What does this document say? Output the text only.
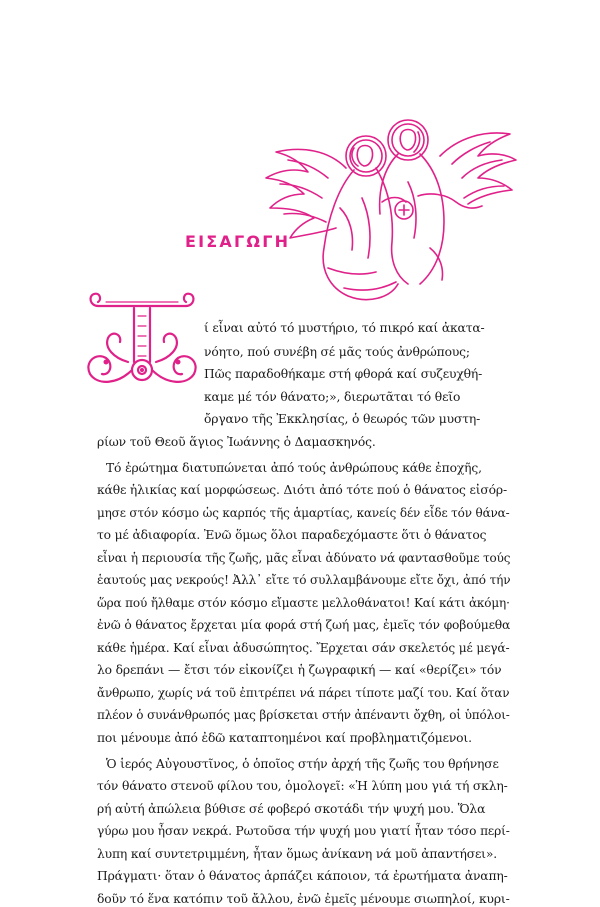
ΕΙΣΑΓΩΓΗ
ί εἶναι αὐτό τό μυστήριο, τό πικρό καί ἀκατα-
νόητο, πού συνέβη σέ μᾶς τούς ἀνθρώπους;
Πῶς παραδοθήκαμε στή φθορά καί συζευχθή-
καμε μέ τόν θάνατο;», διερωτᾶται τό θεῖο
ὄργανο τῆς Ἐκκλησίας, ὁ θεωρός τῶν μυστη-
ρίων τοῦ Θεοῦ ἅγιος Ἰωάννης ὁ Δαμασκηνός.
Τό ἐρώτημα διατυπώνεται ἀπό τούς ἀνθρώπους κάθε ἐποχῆς,
κάθε ἡλικίας καί μορφώσεως. Διότι ἀπό τότε πού ὁ θάνατος εἰσόρ-
μησε στόν κόσμο ὡς καρπός τῆς ἁμαρτίας, κανείς δέν εἶδε τόν θάνα-
το μέ ἀδιαφορία. Ἐνῶ ὅμως ὅλοι παραδεχόμαστε ὅτι ὁ θάνατος
εἶναι ἡ περιουσία τῆς ζωῆς, μᾶς εἶναι ἀδύνατο νά φαντασθοῦμε τούς
ἑαυτούς μας νεκρούς! Ἀλλ᾽ εἴτε τό συλλαμβάνουμε εἴτε ὄχι, ἀπό τήν
ὥρα πού ἤλθαμε στόν κόσμο εἴμαστε μελλοθάνατοι! Καί κάτι ἀκόμη·
ἐνῶ ὁ θάνατος ἔρχεται μία φορά στή ζωή μας, ἐμεῖς τόν φοβούμεθα
κάθε ἡμέρα. Καί εἶναι ἀδυσώπητος. Ἔρχεται σάν σκελετός μέ μεγά-
λο δρεπάνι — ἔτσι τόν εἰκονίζει ἡ ζωγραφική — καί «θερίζει» τόν
ἄνθρωπο, χωρίς νά τοῦ ἐπιτρέπει νά πάρει τίποτε μαζί του. Καί ὅταν
πλέον ὁ συνάνθρωπός μας βρίσκεται στήν ἀπέναντι ὄχθη, οἱ ὑπόλοι-
ποι μένουμε ἀπό ἐδῶ καταπτοημένοι καί προβληματιζόμενοι.
Ὁ ἱερός Αὐγουστῖνος, ὁ ὁποῖος στήν ἀρχή τῆς ζωῆς του θρήνησε
τόν θάνατο στενοῦ φίλου του, ὁμολογεῖ: «Ἡ λύπη μου γιά τή σκλη-
ρή αὐτή ἀπώλεια βύθισε σέ φοβερό σκοτάδι τήν ψυχή μου. Ὅλα
γύρω μου ἦσαν νεκρά. Ρωτοῦσα τήν ψυχή μου γιατί ἦταν τόσο περί-
λυπη καί συντετριμμένη, ἦταν ὅμως ἀνίκανη νά μοῦ ἀπαντήσει».
Πράγματι· ὅταν ὁ θάνατος ἁρπάζει κάποιον, τά ἐρωτήματα ἀναπη-
δοῦν τό ἕνα κατόπιν τοῦ ἄλλου, ἐνῶ ἐμεῖς μένουμε σιωπηλοί, κυρι-
